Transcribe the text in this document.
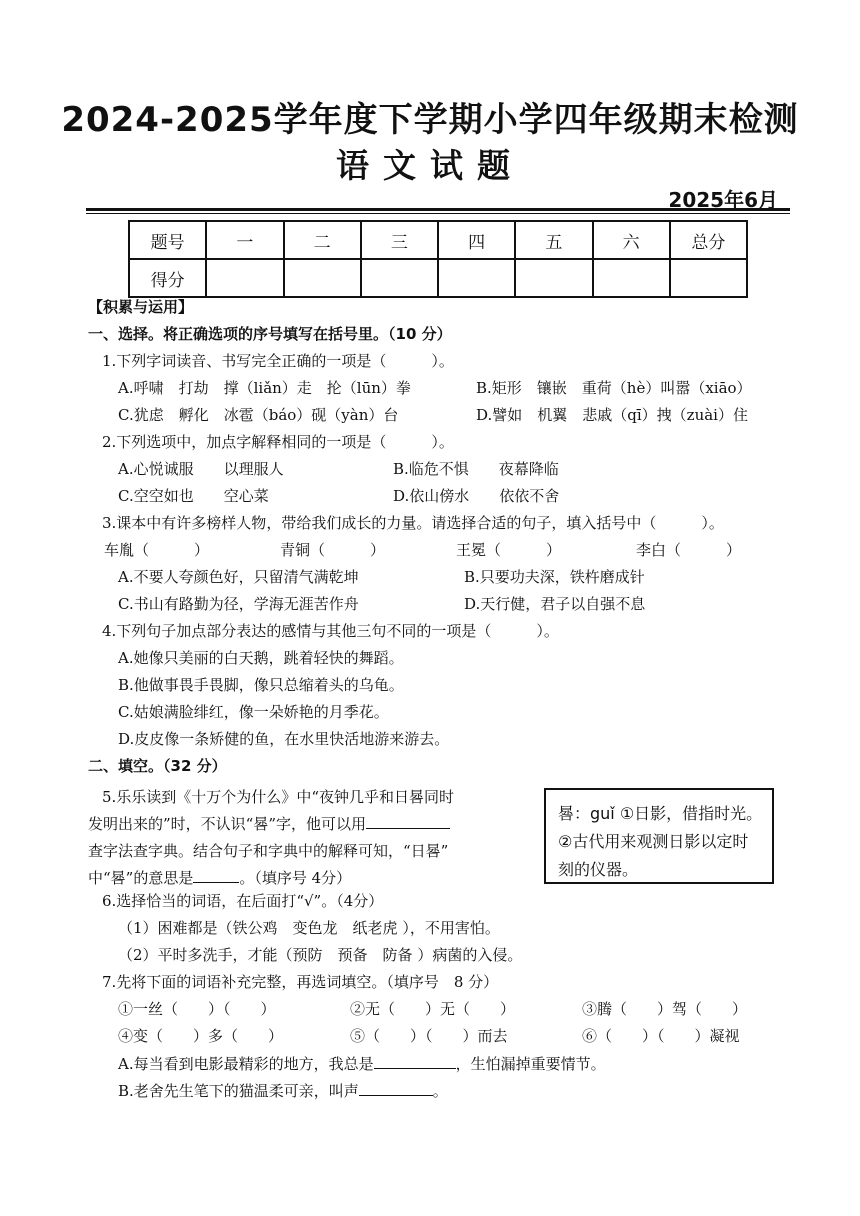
2024-2025学年度下学期小学四年级期末检测
语文试题
2025年6月
题号	一	二	三	四	五	六	总分
得分							
【积累与运用】
一、选择。将正确选项的序号填写在括号里。（10 分）
1.下列字词读音、书写完全正确的一项是（　　　）。
A.呼啸　打劫　撑（liǎn）走　抡（lūn）拳	B.矩形　镶嵌　重荷（hè）叫嚣（xiāo）
C.犹虑　孵化　冰雹（báo）砚（yàn）台	D.譬如　机翼　悲戚（qī）拽（zuài）住
2.下列选项中，加点字解释相同的一项是（　　　）。
A.心悦诚服　　以理服人	B.临危不惧　　夜幕降临
C.空空如也　　空心菜	D.依山傍水　　依依不舍
3.课本中有许多榜样人物，带给我们成长的力量。请选择合适的句子，填入括号中（　　　）。
车胤（　　　）	青铜（　　　）	王冕（　　　）	李白（　　　）
A.不要人夸颜色好，只留清气满乾坤	B.只要功夫深，铁杵磨成针
C.书山有路勤为径，学海无涯苦作舟	D.天行健，君子以自强不息
4.下列句子加点部分表达的感情与其他三句不同的一项是（　　　）。
A.她像只美丽的白天鹅，跳着轻快的舞蹈。
B.他做事畏手畏脚，像只总缩着头的乌龟。
C.姑娘满脸绯红，像一朵娇艳的月季花。
D.皮皮像一条矫健的鱼，在水里快活地游来游去。
二、填空。（32 分）
5.乐乐读到《十万个为什么》中“夜钟几乎和日晷同时
发明出来的”时，不认识“晷”字，他可以用
查字法查字典。结合句子和字典中的解释可知，“日晷”
中“晷”的意思是	。（填序号 4分）
晷：guǐ ①日影，借指时光。②古代用来观测日影以定时刻的仪器。
6.选择恰当的词语，在后面打“√”。（4分）
（1）困难都是（铁公鸡　变色龙　纸老虎 ），不用害怕。
（2）平时多洗手，才能（预防　预备　防备 ）病菌的入侵。
7.先将下面的词语补充完整，再选词填空。（填序号　8 分）
①一丝（　　）（　　）	②无（　　）无（　　）	③腾（　　）驾（　　）
④变（　　）多（　　）	⑤（　　）（　　）而去	⑥（　　）（　　）凝视
A.每当看到电影最精彩的地方，我总是	，生怕漏掉重要情节。
B.老舍先生笔下的猫温柔可亲，叫声	。
